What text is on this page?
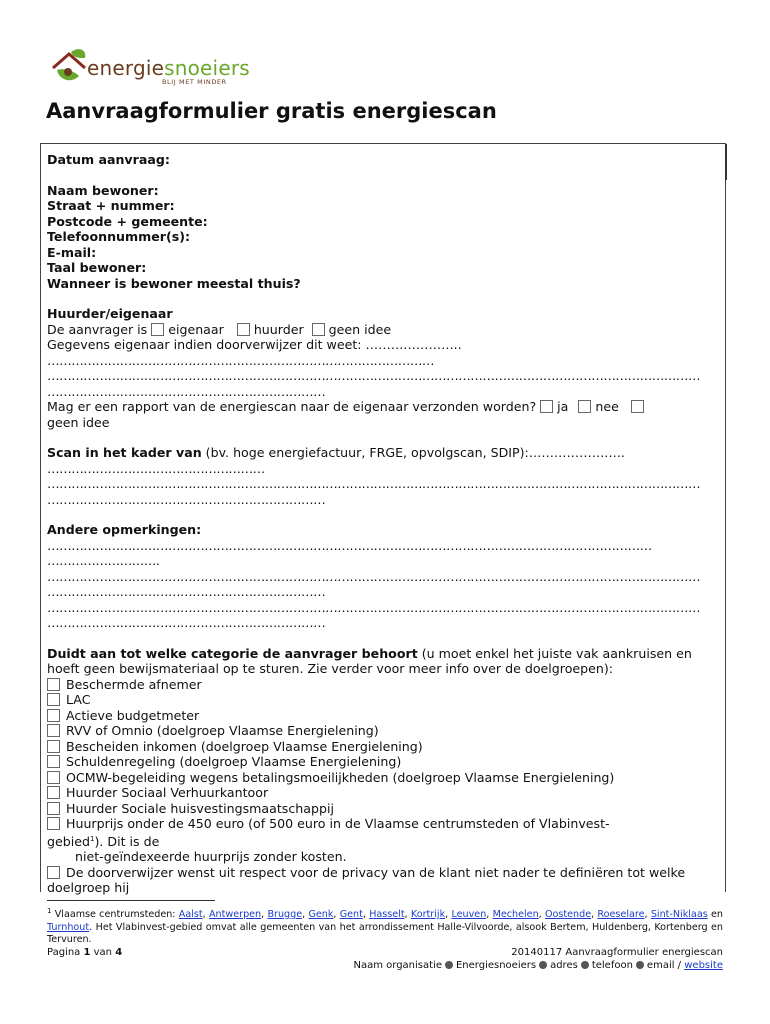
energiesnoeiers
BLIJ MET MINDER
Aanvraagformulier gratis energiescan
Datum aanvraag:
Naam bewoner:
Straat + nummer:
Postcode + gemeente:
Telefoonnummer(s):
E-mail:
Taal bewoner:
Wanneer is bewoner meestal thuis?
Huurder/eigenaar
De aanvrager is eigenaar huurder geen idee
Gegevens eigenaar indien doorverwijzer dit weet: …………………..
……………………………………………………………………………………
………………………………………………………………………………………………………………………………………………
……………………………………………………………
Mag er een rapport van de energiescan naar de eigenaar verzonden worden? ja nee
geen idee
Scan in het kader van (bv. hoge energiefactuur, FRGE, opvolgscan, SDIP):…………………..
………………………………………………
………………………………………………………………………………………………………………………………………………
……………………………………………………………
Andere opmerkingen:
……………………………………………………………………………………………………………………………………
……………………….
………………………………………………………………………………………………………………………………………………
……………………………………………………………
………………………………………………………………………………………………………………………………………………
……………………………………………………………
Duidt aan tot welke categorie de aanvrager behoort (u moet enkel het juiste vak aankruisen en hoeft geen bewijsmateriaal op te sturen. Zie verder voor meer info over de doelgroepen):
Beschermde afnemer
LAC
Actieve budgetmeter
RVV of Omnio (doelgroep Vlaamse Energielening)
Bescheiden inkomen (doelgroep Vlaamse Energielening)
Schuldenregeling (doelgroep Vlaamse Energielening)
OCMW-begeleiding wegens betalingsmoeilijkheden (doelgroep Vlaamse Energielening)
Huurder Sociaal Verhuurkantoor
Huurder Sociale huisvestingsmaatschappij
Huurprijs onder de 450 euro (of 500 euro in de Vlaamse centrumsteden of Vlabinvest-
gebied$^1$). Dit is de
niet-geïndexeerde huurprijs zonder kosten.
De doorverwijzer wenst uit respect voor de privacy van de klant niet nader te definiëren tot welke doelgroep hij
$^1$ Vlaamse centrumsteden: Aalst, Antwerpen, Brugge, Genk, Gent, Hasselt, Kortrijk, Leuven, Mechelen, Oostende, Roeselare, Sint-Niklaas en Turnhout. Het Vlabinvest-gebied omvat alle gemeenten van het arrondissement Halle-Vilvoorde, alsook Bertem, Huldenberg, Kortenberg en Tervuren.
Pagina 1 van 4	20140117 Aanvraagformulier energiescan
Naam organisatie Energiesnoeiers adres telefoon email / website
